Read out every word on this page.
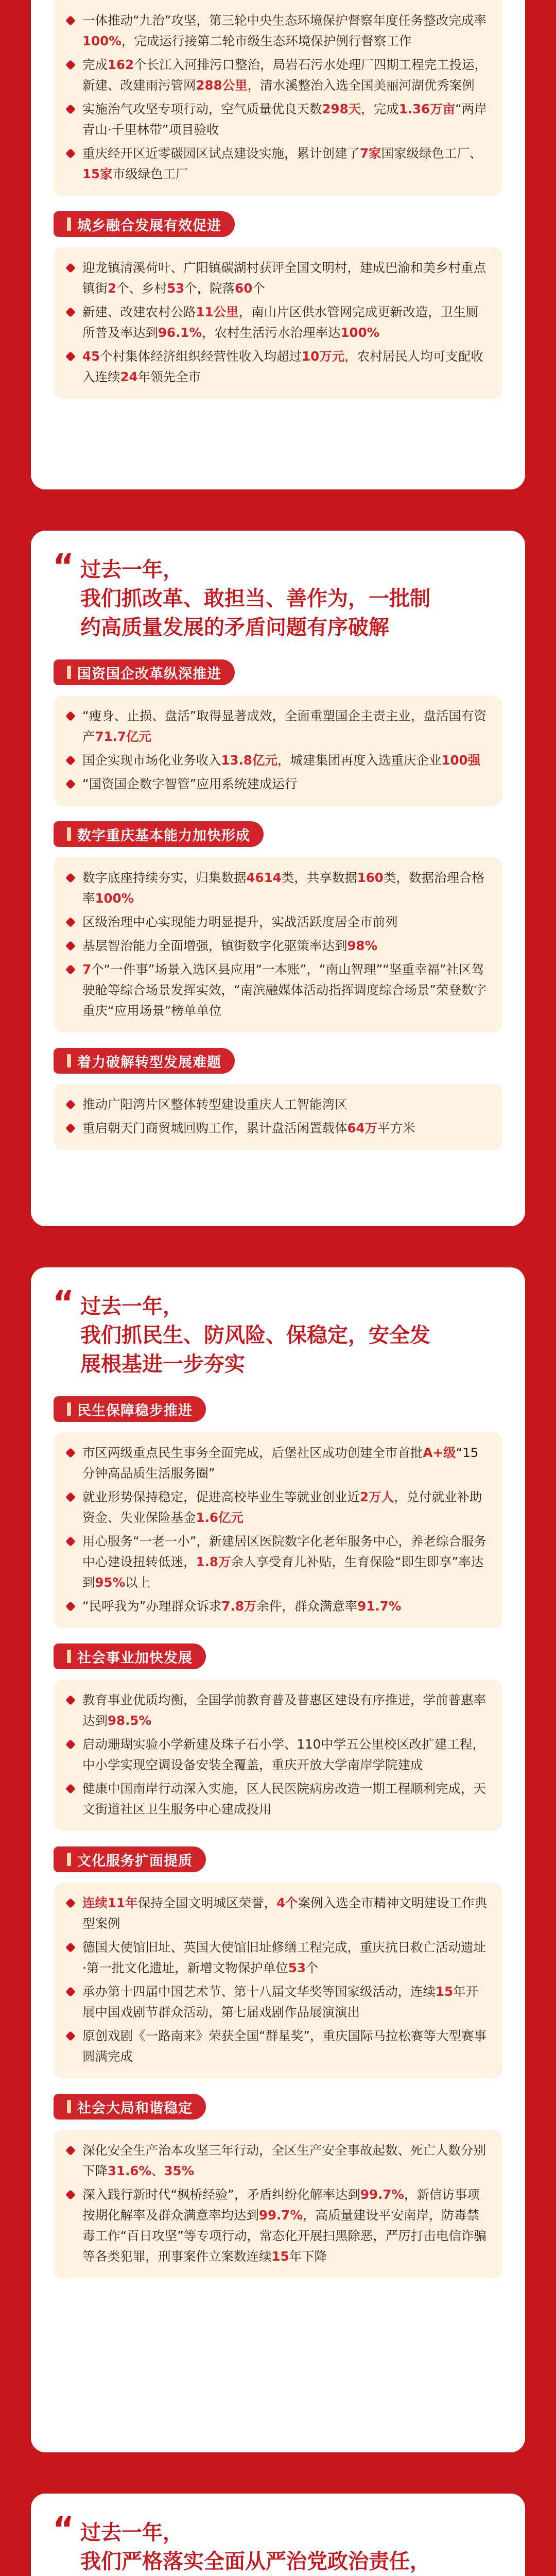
一体推动“九治”攻坚，第三轮中央生态环境保护督察年度任务整改完成率100%，完成运行接第二轮市级生态环境保护例行督察工作
完成162个长江入河排污口整治，局岩石污水处理厂四期工程完工投运，新建、改建雨污管网288公里，清水溪整治入选全国美丽河湖优秀案例
实施治气攻坚专项行动，空气质量优良天数298天，完成1.36万亩“两岸青山·千里林带”项目验收
重庆经开区近零碳园区试点建设实施，累计创建了7家国家级绿色工厂、15家市级绿色工厂
城乡融合发展有效促进
迎龙镇清溪荷叶、广阳镇碳湖村获评全国文明村，建成巴渝和美乡村重点镇街2个、乡村53个，院落60个
新建、改建农村公路11公里，南山片区供水管网完成更新改造，卫生厕所普及率达到96.1%，农村生活污水治理率达100%
45个村集体经济组织经营性收入均超过10万元，农村居民人均可支配收入连续24年领先全市
“ 过去一年，
我们抓改革、敢担当、善作为，一批制
约高质量发展的矛盾问题有序破解
国资国企改革纵深推进
“瘦身、止损、盘活”取得显著成效，全面重塑国企主责主业，盘活国有资产71.7亿元
国企实现市场化业务收入13.8亿元，城建集团再度入选重庆企业100强
“国资国企数字智管”应用系统建成运行
数字重庆基本能力加快形成
数字底座持续夯实，归集数据4614类，共享数据160类，数据治理合格率100%
区级治理中心实现能力明显提升，实战活跃度居全市前列
基层智治能力全面增强，镇街数字化驱策率达到98%
7个“一件事”场景入选区县应用“一本账”，“南山智理”“坚重幸福”社区驾驶舱等综合场景发挥实效，“南滨融媒体活动指挥调度综合场景”荣登数字重庆“应用场景”榜单单位
着力破解转型发展难题
推动广阳湾片区整体转型建设重庆人工智能湾区
重启朝天门商贸城回购工作，累计盘活闲置载体64万平方米
“ 过去一年，
我们抓民生、防风险、保稳定，安全发
展根基进一步夯实
民生保障稳步推进
市区两级重点民生事务全面完成，后堡社区成功创建全市首批A+级“15分钟高品质生活服务圈”
就业形势保持稳定，促进高校毕业生等就业创业近2万人，兑付就业补助资金、失业保险基金1.6亿元
用心服务“一老一小”，新建居区医院数字化老年服务中心，养老综合服务中心建设扭转低迷，1.8万余人享受育儿补贴，生育保险“即生即享”率达到95%以上
“民呼我为”办理群众诉求7.8万余件，群众满意率91.7%
社会事业加快发展
教育事业优质均衡，全国学前教育普及普惠区建设有序推进，学前普惠率达到98.5%
启动珊瑚实验小学新建及珠子石小学、110中学五公里校区改扩建工程，中小学实现空调设备安装全覆盖，重庆开放大学南岸学院建成
健康中国南岸行动深入实施，区人民医院病房改造一期工程顺利完成，天文街道社区卫生服务中心建成投用
文化服务扩面提质
连续11年保持全国文明城区荣誉，4个案例入选全市精神文明建设工作典型案例
德国大使馆旧址、英国大使馆旧址修缮工程完成，重庆抗日救亡活动遗址·第一批文化遗址，新增文物保护单位53个
承办第十四届中国艺术节、第十八届文华奖等国家级活动，连续15年开展中国戏剧节群众活动，第七届戏剧作品展演演出
原创戏剧《一路南来》荣获全国“群星奖”，重庆国际马拉松赛等大型赛事圆满完成
社会大局和谐稳定
深化安全生产治本攻坚三年行动，全区生产安全事故起数、死亡人数分别下降31.6%、35%
深入践行新时代“枫桥经验”，矛盾纠纷化解率达到99.7%，新信访事项按期化解率及群众满意率均达到99.7%，高质量建设平安南岸，防毒禁毒工作“百日攻坚”等专项行动，常态化开展扫黑除恶，严厉打击电信诈骗等各类犯罪，刑事案件立案数连续15年下降
“ 过去一年，
我们严格落实全面从严治党政治责任，
